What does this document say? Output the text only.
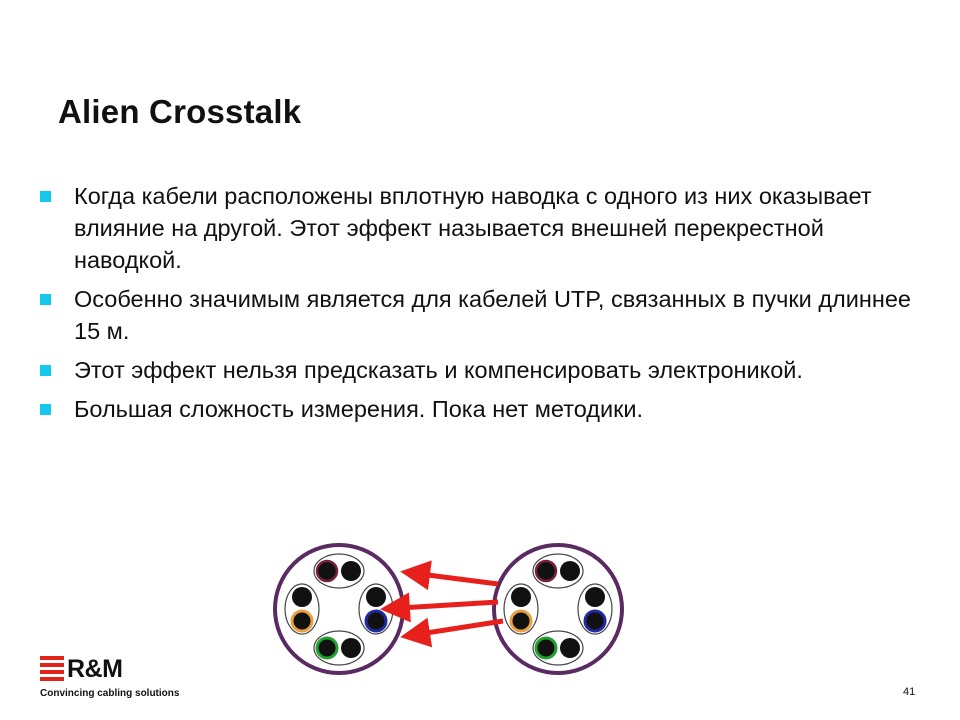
Alien Crosstalk
Когда кабели расположены вплотную наводка с одного из них оказывает влияние на другой. Этот эффект называется внешней перекрестной наводкой.
Особенно значимым является для кабелей UTP, связанных в пучки длиннее 15 м.
Этот эффект нельзя предсказать и компенсировать электроникой.
Большая сложность измерения. Пока нет методики.
R&M
Convincing cabling solutions	41
